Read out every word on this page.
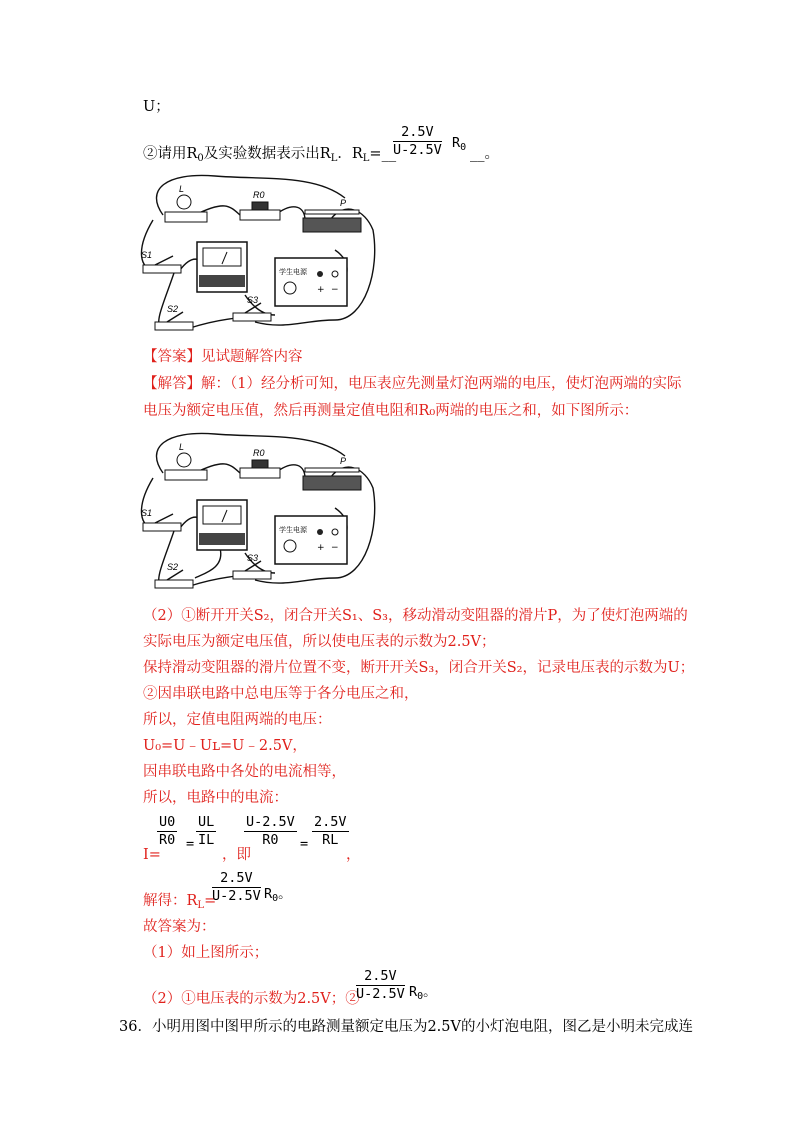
U；
②请用$R_0$及实验数据表示出$R_L$．$R_L=\_\_$
$\frac{2.5V}{U-2.5V} R_0$ __。
L
R0
P
S1
学生电源
+ −
S2
S3
【答案】见试题解答内容
【解答】解：（1）经分析可知，电压表应先测量灯泡两端的电压，使灯泡两端的实际
电压为额定电压值，然后再测量定值电阻和R₀两端的电压之和，如下图所示：
L
R0
P
S1
学生电源
+ −
S2
S3
（2）①断开开关S₂，闭合开关S₁、S₃，移动滑动变阻器的滑片P，为了使灯泡两端的
实际电压为额定电压值，所以使电压表的示数为2.5V；
保持滑动变阻器的滑片位置不变，断开开关S₃，闭合开关S₂，记录电压表的示数为U；
②因串联电路中总电压等于各分电压之和，
所以，定值电阻两端的电压：
U₀=U﹣Uʟ=U﹣2.5V，
因串联电路中各处的电流相等，
所以，电路中的电流：
I=
$\frac{U0}{R0} = \frac{UL}{IL}$
，即
$\frac{U-2.5V}{R0} = \frac{2.5V}{RL}$
，
解得：$R_L=$
$\frac{2.5V}{U-2.5V} R_0$。
故答案为：
（1）如上图所示；
（2）①电压表的示数为2.5V；②
$\frac{2.5V}{U-2.5V} R_0$。
36．小明用图中图甲所示的电路测量额定电压为2.5V的小灯泡电阻，图乙是小明未完成连
